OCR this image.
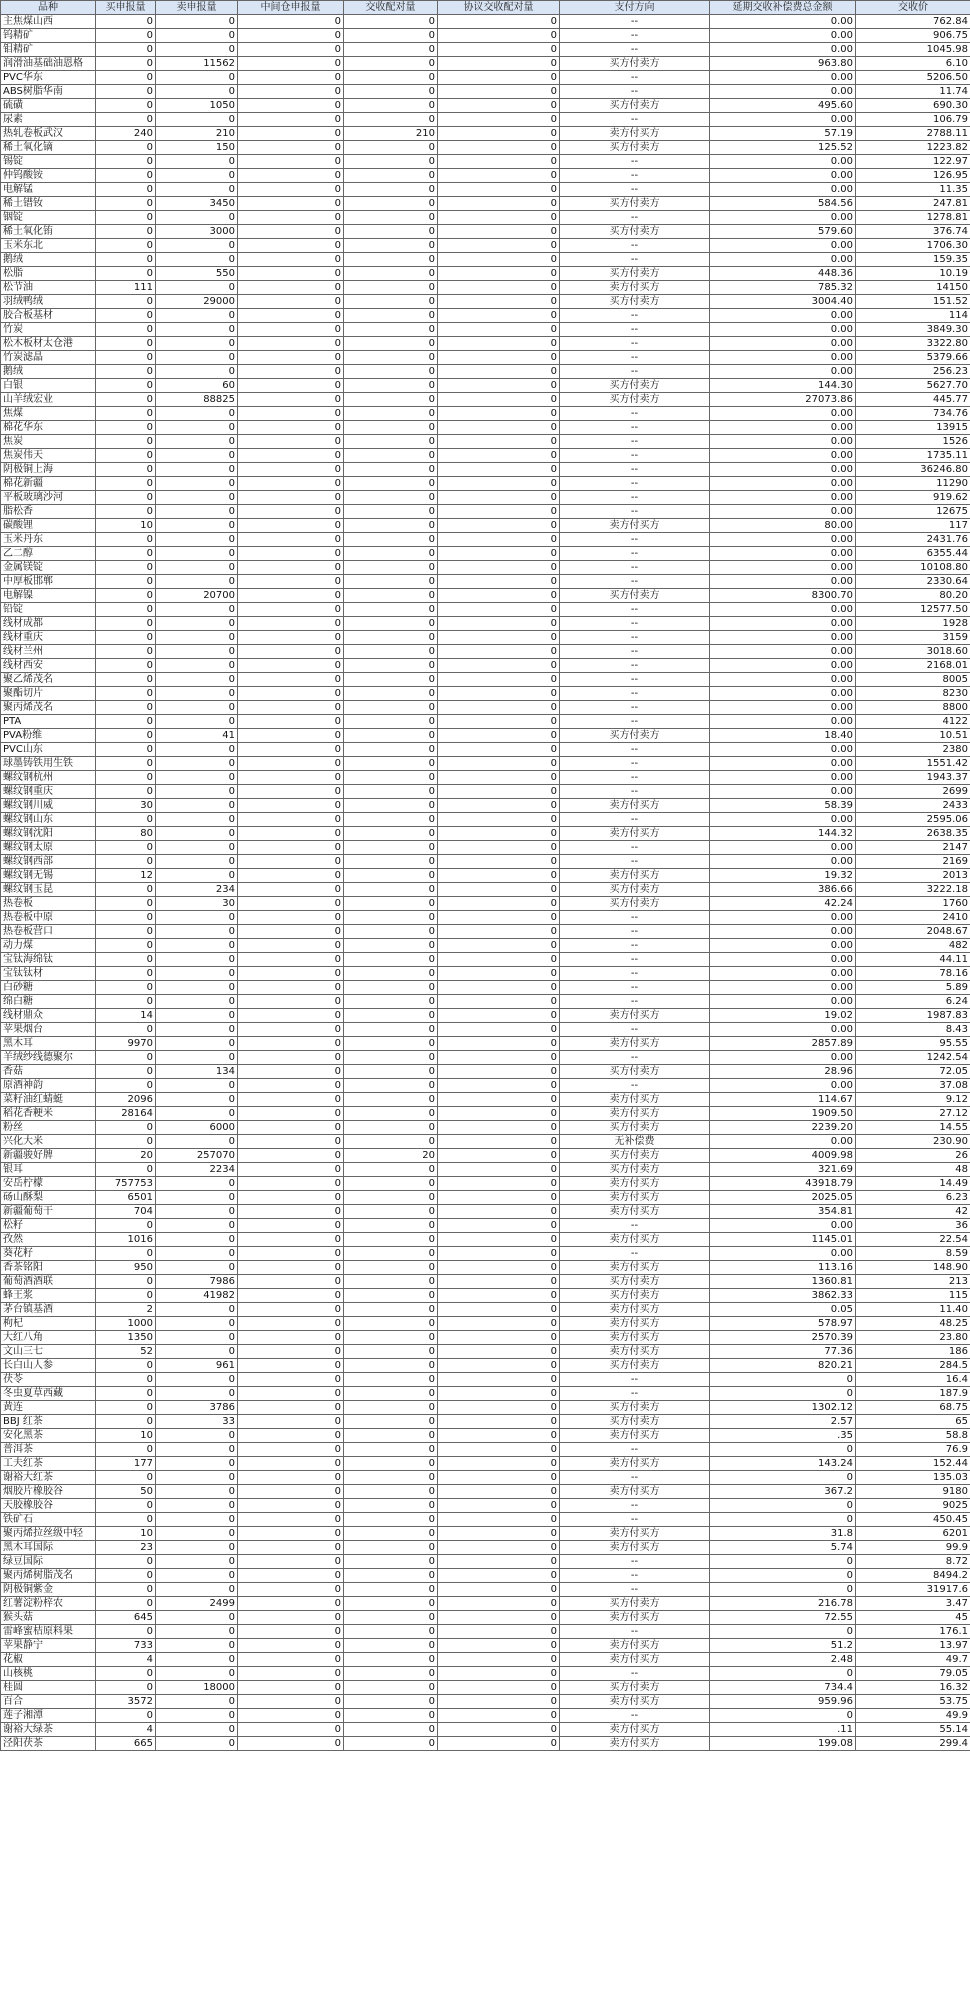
品种	买申报量	卖申报量	中间仓申报量	交收配对量	协议交收配对量	支付方向	延期交收补偿费总金额	交收价
主焦煤山西	0	0	0	0	0	--	0.00	762.84
钨精矿	0	0	0	0	0	--	0.00	906.75
钼精矿	0	0	0	0	0	--	0.00	1045.98
润滑油基础油恩格	0	11562	0	0	0	买方付卖方	963.80	6.10
PVC华东	0	0	0	0	0	--	0.00	5206.50
ABS树脂华南	0	0	0	0	0	--	0.00	11.74
硫磺	0	1050	0	0	0	买方付卖方	495.60	690.30
尿素	0	0	0	0	0	--	0.00	106.79
热轧卷板武汉	240	210	0	210	0	卖方付买方	57.19	2788.11
稀土氧化镝	0	150	0	0	0	买方付卖方	125.52	1223.82
锡锭	0	0	0	0	0	--	0.00	122.97
仲钨酸铵	0	0	0	0	0	--	0.00	126.95
电解锰	0	0	0	0	0	--	0.00	11.35
稀土镨钕	0	3450	0	0	0	买方付卖方	584.56	247.81
铟锭	0	0	0	0	0	--	0.00	1278.81
稀土氧化铕	0	3000	0	0	0	买方付卖方	579.60	376.74
玉米东北	0	0	0	0	0	--	0.00	1706.30
鹅绒	0	0	0	0	0	--	0.00	159.35
松脂	0	550	0	0	0	买方付卖方	448.36	10.19
松节油	111	0	0	0	0	卖方付买方	785.32	14150
羽绒鸭绒	0	29000	0	0	0	买方付卖方	3004.40	151.52
胶合板基材	0	0	0	0	0	--	0.00	114
竹炭	0	0	0	0	0	--	0.00	3849.30
松木板材太仓港	0	0	0	0	0	--	0.00	3322.80
竹炭滤晶	0	0	0	0	0	--	0.00	5379.66
鹅绒	0	0	0	0	0	--	0.00	256.23
白银	0	60	0	0	0	买方付卖方	144.30	5627.70
山羊绒宏业	0	88825	0	0	0	买方付卖方	27073.86	445.77
焦煤	0	0	0	0	0	--	0.00	734.76
棉花华东	0	0	0	0	0	--	0.00	13915
焦炭	0	0	0	0	0	--	0.00	1526
焦炭伟天	0	0	0	0	0	--	0.00	1735.11
阴极铜上海	0	0	0	0	0	--	0.00	36246.80
棉花新疆	0	0	0	0	0	--	0.00	11290
平板玻璃沙河	0	0	0	0	0	--	0.00	919.62
脂松香	0	0	0	0	0	--	0.00	12675
碳酸锂	10	0	0	0	0	卖方付买方	80.00	117
玉米丹东	0	0	0	0	0	--	0.00	2431.76
乙二醇	0	0	0	0	0	--	0.00	6355.44
金属镁锭	0	0	0	0	0	--	0.00	10108.80
中厚板邯郸	0	0	0	0	0	--	0.00	2330.64
电解镍	0	20700	0	0	0	买方付卖方	8300.70	80.20
铅锭	0	0	0	0	0	--	0.00	12577.50
线材成都	0	0	0	0	0	--	0.00	1928
线材重庆	0	0	0	0	0	--	0.00	3159
线材兰州	0	0	0	0	0	--	0.00	3018.60
线材西安	0	0	0	0	0	--	0.00	2168.01
聚乙烯茂名	0	0	0	0	0	--	0.00	8005
聚酯切片	0	0	0	0	0	--	0.00	8230
聚丙烯茂名	0	0	0	0	0	--	0.00	8800
PTA	0	0	0	0	0	--	0.00	4122
PVA粉维	0	41	0	0	0	买方付卖方	18.40	10.51
PVC山东	0	0	0	0	0	--	0.00	2380
球墨铸铁用生铁	0	0	0	0	0	--	0.00	1551.42
螺纹钢杭州	0	0	0	0	0	--	0.00	1943.37
螺纹钢重庆	0	0	0	0	0	--	0.00	2699
螺纹钢川威	30	0	0	0	0	卖方付买方	58.39	2433
螺纹钢山东	0	0	0	0	0	--	0.00	2595.06
螺纹钢沈阳	80	0	0	0	0	卖方付买方	144.32	2638.35
螺纹钢太原	0	0	0	0	0	--	0.00	2147
螺纹钢西部	0	0	0	0	0	--	0.00	2169
螺纹钢无锡	12	0	0	0	0	卖方付买方	19.32	2013
螺纹钢玉昆	0	234	0	0	0	买方付卖方	386.66	3222.18
热卷板	0	30	0	0	0	买方付卖方	42.24	1760
热卷板中原	0	0	0	0	0	--	0.00	2410
热卷板营口	0	0	0	0	0	--	0.00	2048.67
动力煤	0	0	0	0	0	--	0.00	482
宝钛海绵钛	0	0	0	0	0	--	0.00	44.11
宝钛钛材	0	0	0	0	0	--	0.00	78.16
白砂糖	0	0	0	0	0	--	0.00	5.89
绵白糖	0	0	0	0	0	--	0.00	6.24
线材鼎众	14	0	0	0	0	卖方付买方	19.02	1987.83
苹果烟台	0	0	0	0	0	--	0.00	8.43
黑木耳	9970	0	0	0	0	卖方付买方	2857.89	95.55
羊绒纱线德聚尔	0	0	0	0	0	--	0.00	1242.54
香菇	0	134	0	0	0	买方付卖方	28.96	72.05
原酒神韵	0	0	0	0	0	--	0.00	37.08
菜籽油红蜻蜓	2096	0	0	0	0	卖方付买方	114.67	9.12
稻花香粳米	28164	0	0	0	0	卖方付买方	1909.50	27.12
粉丝	0	6000	0	0	0	买方付卖方	2239.20	14.55
兴化大米	0	0	0	0	0	无补偿费	0.00	230.90
新疆骏好牌	20	257070	0	20	0	买方付卖方	4009.98	26
银耳	0	2234	0	0	0	买方付卖方	321.69	48
安岳柠檬	757753	0	0	0	0	卖方付买方	43918.79	14.49
砀山酥梨	6501	0	0	0	0	卖方付买方	2025.05	6.23
新疆葡萄干	704	0	0	0	0	卖方付买方	354.81	42
松籽	0	0	0	0	0	--	0.00	36
孜然	1016	0	0	0	0	卖方付买方	1145.01	22.54
葵花籽	0	0	0	0	0	--	0.00	8.59
香茶铭阳	950	0	0	0	0	卖方付买方	113.16	148.90
葡萄酒酒联	0	7986	0	0	0	买方付卖方	1360.81	213
蜂王浆	0	41982	0	0	0	买方付卖方	3862.33	115
茅台镇基酒	2	0	0	0	0	卖方付买方	0.05	11.40
枸杞	1000	0	0	0	0	卖方付买方	578.97	48.25
大红八角	1350	0	0	0	0	卖方付买方	2570.39	23.80
文山三七	52	0	0	0	0	卖方付买方	77.36	186
长白山人参	0	961	0	0	0	买方付卖方	820.21	284.5
茯苓	0	0	0	0	0	--	0	16.4
冬虫夏草西藏	0	0	0	0	0	--	0	187.9
黄连	0	3786	0	0	0	买方付卖方	1302.12	68.75
BBJ 红茶	0	33	0	0	0	买方付卖方	2.57	65
安化黑茶	10	0	0	0	0	卖方付买方	.35	58.8
普洱茶	0	0	0	0	0	--	0	76.9
工夫红茶	177	0	0	0	0	卖方付买方	143.24	152.44
谢裕大红茶	0	0	0	0	0	--	0	135.03
烟胶片橡胶谷	50	0	0	0	0	卖方付买方	367.2	9180
天胶橡胶谷	0	0	0	0	0	--	0	9025
铁矿石	0	0	0	0	0	--	0	450.45
聚丙烯拉丝级中轻	10	0	0	0	0	卖方付买方	31.8	6201
黑木耳国际	23	0	0	0	0	卖方付买方	5.74	99.9
绿豆国际	0	0	0	0	0	--	0	8.72
聚丙烯树脂茂名	0	0	0	0	0	--	0	8494.2
阴极铜紫金	0	0	0	0	0	--	0	31917.6
红薯淀粉梓农	0	2499	0	0	0	买方付卖方	216.78	3.47
猴头菇	645	0	0	0	0	卖方付买方	72.55	45
雷峰蜜桔原料果	0	0	0	0	0	--	0	176.1
苹果静宁	733	0	0	0	0	卖方付买方	51.2	13.97
花椒	4	0	0	0	0	卖方付买方	2.48	49.7
山核桃	0	0	0	0	0	--	0	79.05
桂圆	0	18000	0	0	0	买方付卖方	734.4	16.32
百合	3572	0	0	0	0	卖方付买方	959.96	53.75
莲子湘潭	0	0	0	0	0	--	0	49.9
谢裕大绿茶	4	0	0	0	0	卖方付买方	.11	55.14
泾阳茯茶	665	0	0	0	0	卖方付买方	199.08	299.4
